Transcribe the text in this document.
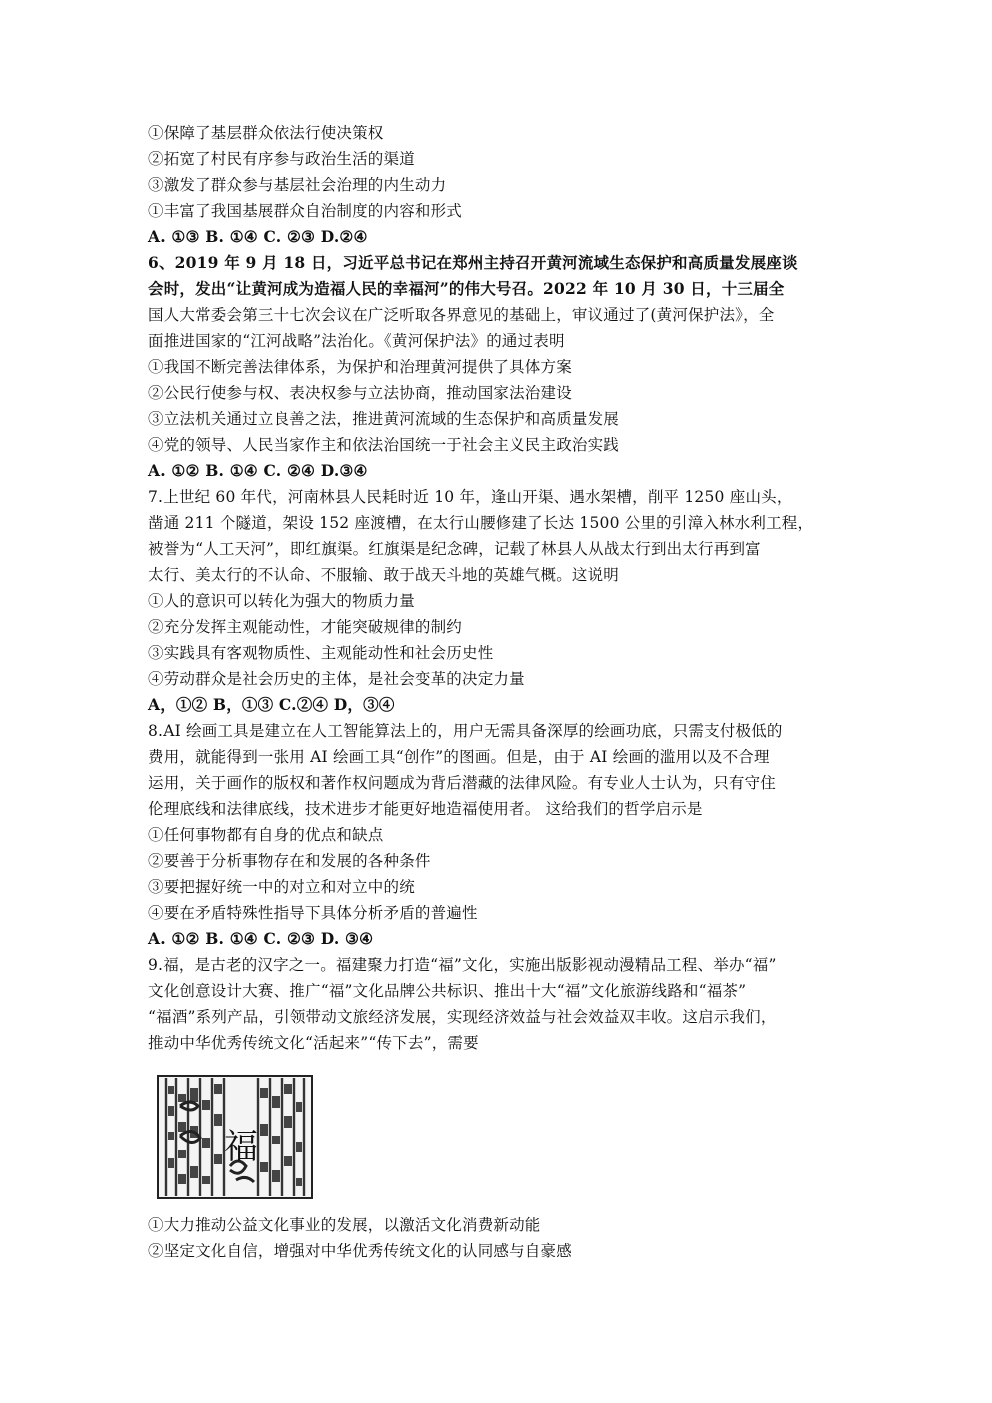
①保障了基层群众依法行使决策权
②拓宽了村民有序参与政治生活的渠道
③激发了群众参与基层社会治理的内生动力
①丰富了我国基展群众自治制度的内容和形式
A. ①③ B. ①④ C. ②③ D.②④
6、2019 年 9 月 18 日，习近平总书记在郑州主持召开黄河流域生态保护和高质量发展座谈
会时，发出“让黄河成为造福人民的幸福河”的伟大号召。2022 年 10 月 30 日，十三届全
国人大常委会第三十七次会议在广泛听取各界意见的基础上，审议通过了(黄河保护法》，全
面推进国家的“江河战略”法治化。《黄河保护法》的通过表明
①我国不断完善法律体系，为保护和治理黄河提供了具体方案
②公民行使参与权、表决权参与立法协商，推动国家法治建设
③立法机关通过立良善之法，推进黄河流域的生态保护和高质量发展
④党的领导、人民当家作主和依法治国统一于社会主义民主政治实践
A. ①② B. ①④ C. ②④ D.③④
7.上世纪 60 年代，河南林县人民耗时近 10 年，逢山开渠、遇水架槽，削平 1250 座山头，
凿通 211 个隧道，架设 152 座渡槽，在太行山腰修建了长达 1500 公里的引漳入林水利工程，
被誉为“人工天河”，即红旗渠。红旗渠是纪念碑，记载了林县人从战太行到出太行再到富
太行、美太行的不认命、不服输、敢于战天斗地的英雄气概。这说明
①人的意识可以转化为强大的物质力量
②充分发挥主观能动性，才能突破规律的制约
③实践具有客观物质性、主观能动性和社会历史性
④劳动群众是社会历史的主体，是社会变革的决定力量
A，①② B，①③ C.②④ D，③④
8.AI 绘画工具是建立在人工智能算法上的，用户无需具备深厚的绘画功底，只需支付极低的
费用，就能得到一张用 AI 绘画工具“创作”的图画。但是，由于 AI 绘画的滥用以及不合理
运用，关于画作的版权和著作权问题成为背后潜藏的法律风险。有专业人士认为，只有守住
伦理底线和法律底线，技术进步才能更好地造福使用者。 这给我们的哲学启示是
①任何事物都有自身的优点和缺点
②要善于分析事物存在和发展的各种条件
③要把握好统一中的对立和对立中的统
④要在矛盾特殊性指导下具体分析矛盾的普遍性
A. ①② B. ①④ C. ②③ D. ③④
9.福，是古老的汉字之一。福建聚力打造“福”文化，实施出版影视动漫精品工程、举办“福”
文化创意设计大赛、推广“福”文化品牌公共标识、推出十大“福”文化旅游线路和“福茶”
“福酒”系列产品，引领带动文旅经济发展，实现经济效益与社会效益双丰收。这启示我们，
推动中华优秀传统文化“活起来”“传下去”，需要
福
①大力推动公益文化事业的发展，以激活文化消费新动能
②坚定文化自信，增强对中华优秀传统文化的认同感与自豪感
